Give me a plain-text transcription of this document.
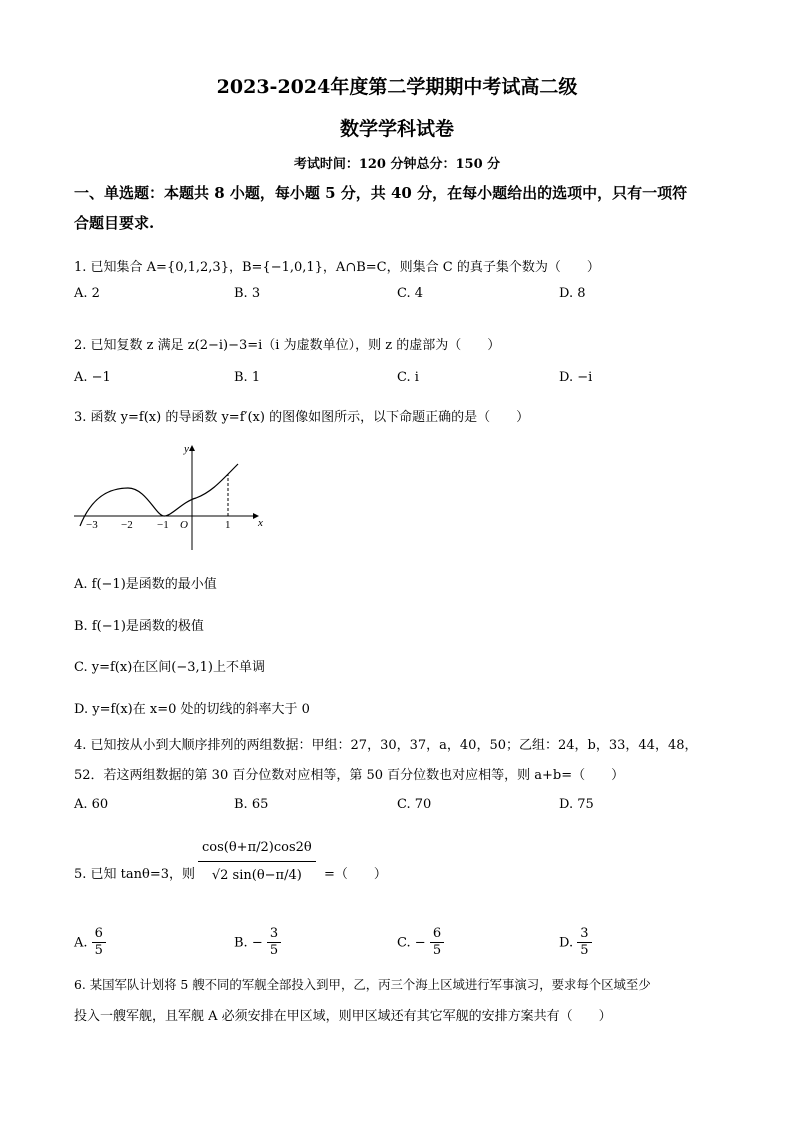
2023-2024年度第二学期期中考试高二级
数学学科试卷
考试时间：120 分钟总分：150 分
一、单选题：本题共 8 小题，每小题 5 分，共 40 分，在每小题给出的选项中，只有一项符
合题目要求.
1. 已知集合 A={0,1,2,3}，B={−1,0,1}，A∩B=C，则集合 C 的真子集个数为（　　）
A. 2	B. 3	C. 4	D. 8
2. 已知复数 z 满足 z(2−i)−3=i（i 为虚数单位），则 z 的虚部为（　　）
A. −1	B. 1	C. i	D. −i
3. 函数 y=f(x) 的导函数 y=f′(x) 的图像如图所示，以下命题正确的是（　　）
y
x
O
−3 −2 −1	1
A. f(−1)是函数的最小值
B. f(−1)是函数的极值
C. y=f(x)在区间(−3,1)上不单调
D. y=f(x)在 x=0 处的切线的斜率大于 0
4. 已知按从小到大顺序排列的两组数据：甲组：27，30，37，a，40，50；乙组：24，b，33，44，48，
52．若这两组数据的第 30 百分位数对应相等，第 50 百分位数也对应相等，则 a+b=（　　）
A. 60	B. 65	C. 70	D. 75
5. 已知 tanθ=3，则 $\frac{\cos(\theta+\pi/2)\cos 2\theta}{√2 \sin(\theta-\pi/4)}$ =（　　）
A. $\frac{6}{5}$	B. − $\frac{3}{5}$	C. − $\frac{6}{5}$	D. $\frac{3}{5}$
6. 某国军队计划将 5 艘不同的军舰全部投入到甲，乙，丙三个海上区域进行军事演习，要求每个区域至少
投入一艘军舰，且军舰 A 必须安排在甲区域，则甲区域还有其它军舰的安排方案共有（　　）
